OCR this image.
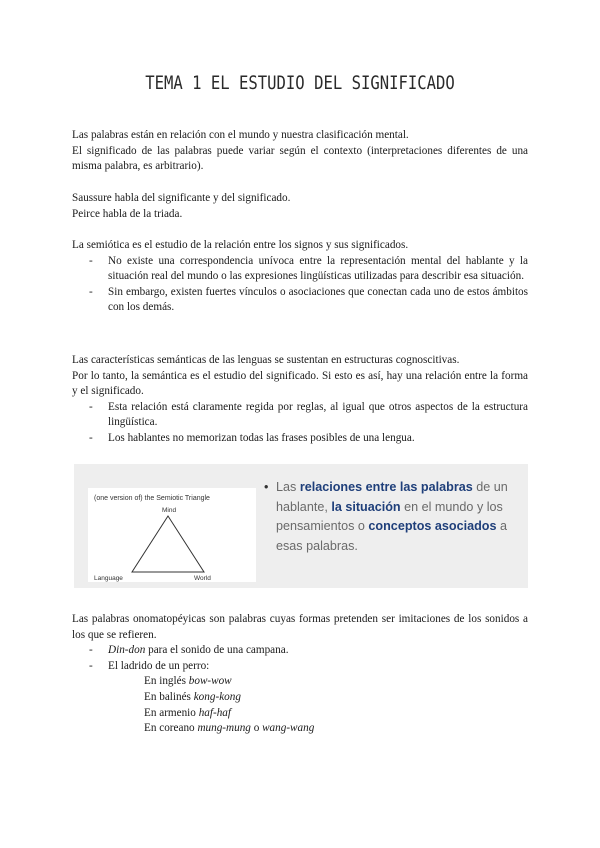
TEMA 1 EL ESTUDIO DEL SIGNIFICADO

Las palabras están en relación con el mundo y nuestra clasificación mental.

El significado de las palabras puede variar según el contexto (interpretaciones diferentes de una misma palabra, es arbitrario).

Saussure habla del significante y del significado.

Peirce habla de la triada.

La semiótica es el estudio de la relación entre los signos y sus significados.

- No existe una correspondencia unívoca entre la representación mental del hablante y la situación real del mundo o las expresiones lingüísticas utilizadas para describir esa situación.
- Sin embargo, existen fuertes vínculos o asociaciones que conectan cada uno de estos ámbitos con los demás.

Las características semánticas de las lenguas se sustentan en estructuras cognoscitivas.

Por lo tanto, la semántica es el estudio del significado. Si esto es así, hay una relación entre la forma y el significado.

- Esta relación está claramente regida por reglas, al igual que otros aspectos de la estructura lingüística.
- Los hablantes no memorizan todas las frases posibles de una lengua.
(one version of) the Semiotic Triangle
Mind
Language	World
• Las relaciones entre las palabras de un hablante, la situación en el mundo y los pensamientos o conceptos asociados a esas palabras.

Las palabras onomatopéyicas son palabras cuyas formas pretenden ser imitaciones de los sonidos a los que se refieren.

- Din-don para el sonido de una campana.
- El ladrido de un perro:
En inglés bow-wow
En balinés kong-kong
En armenio haf-haf
En coreano mung-mung o wang-wang
